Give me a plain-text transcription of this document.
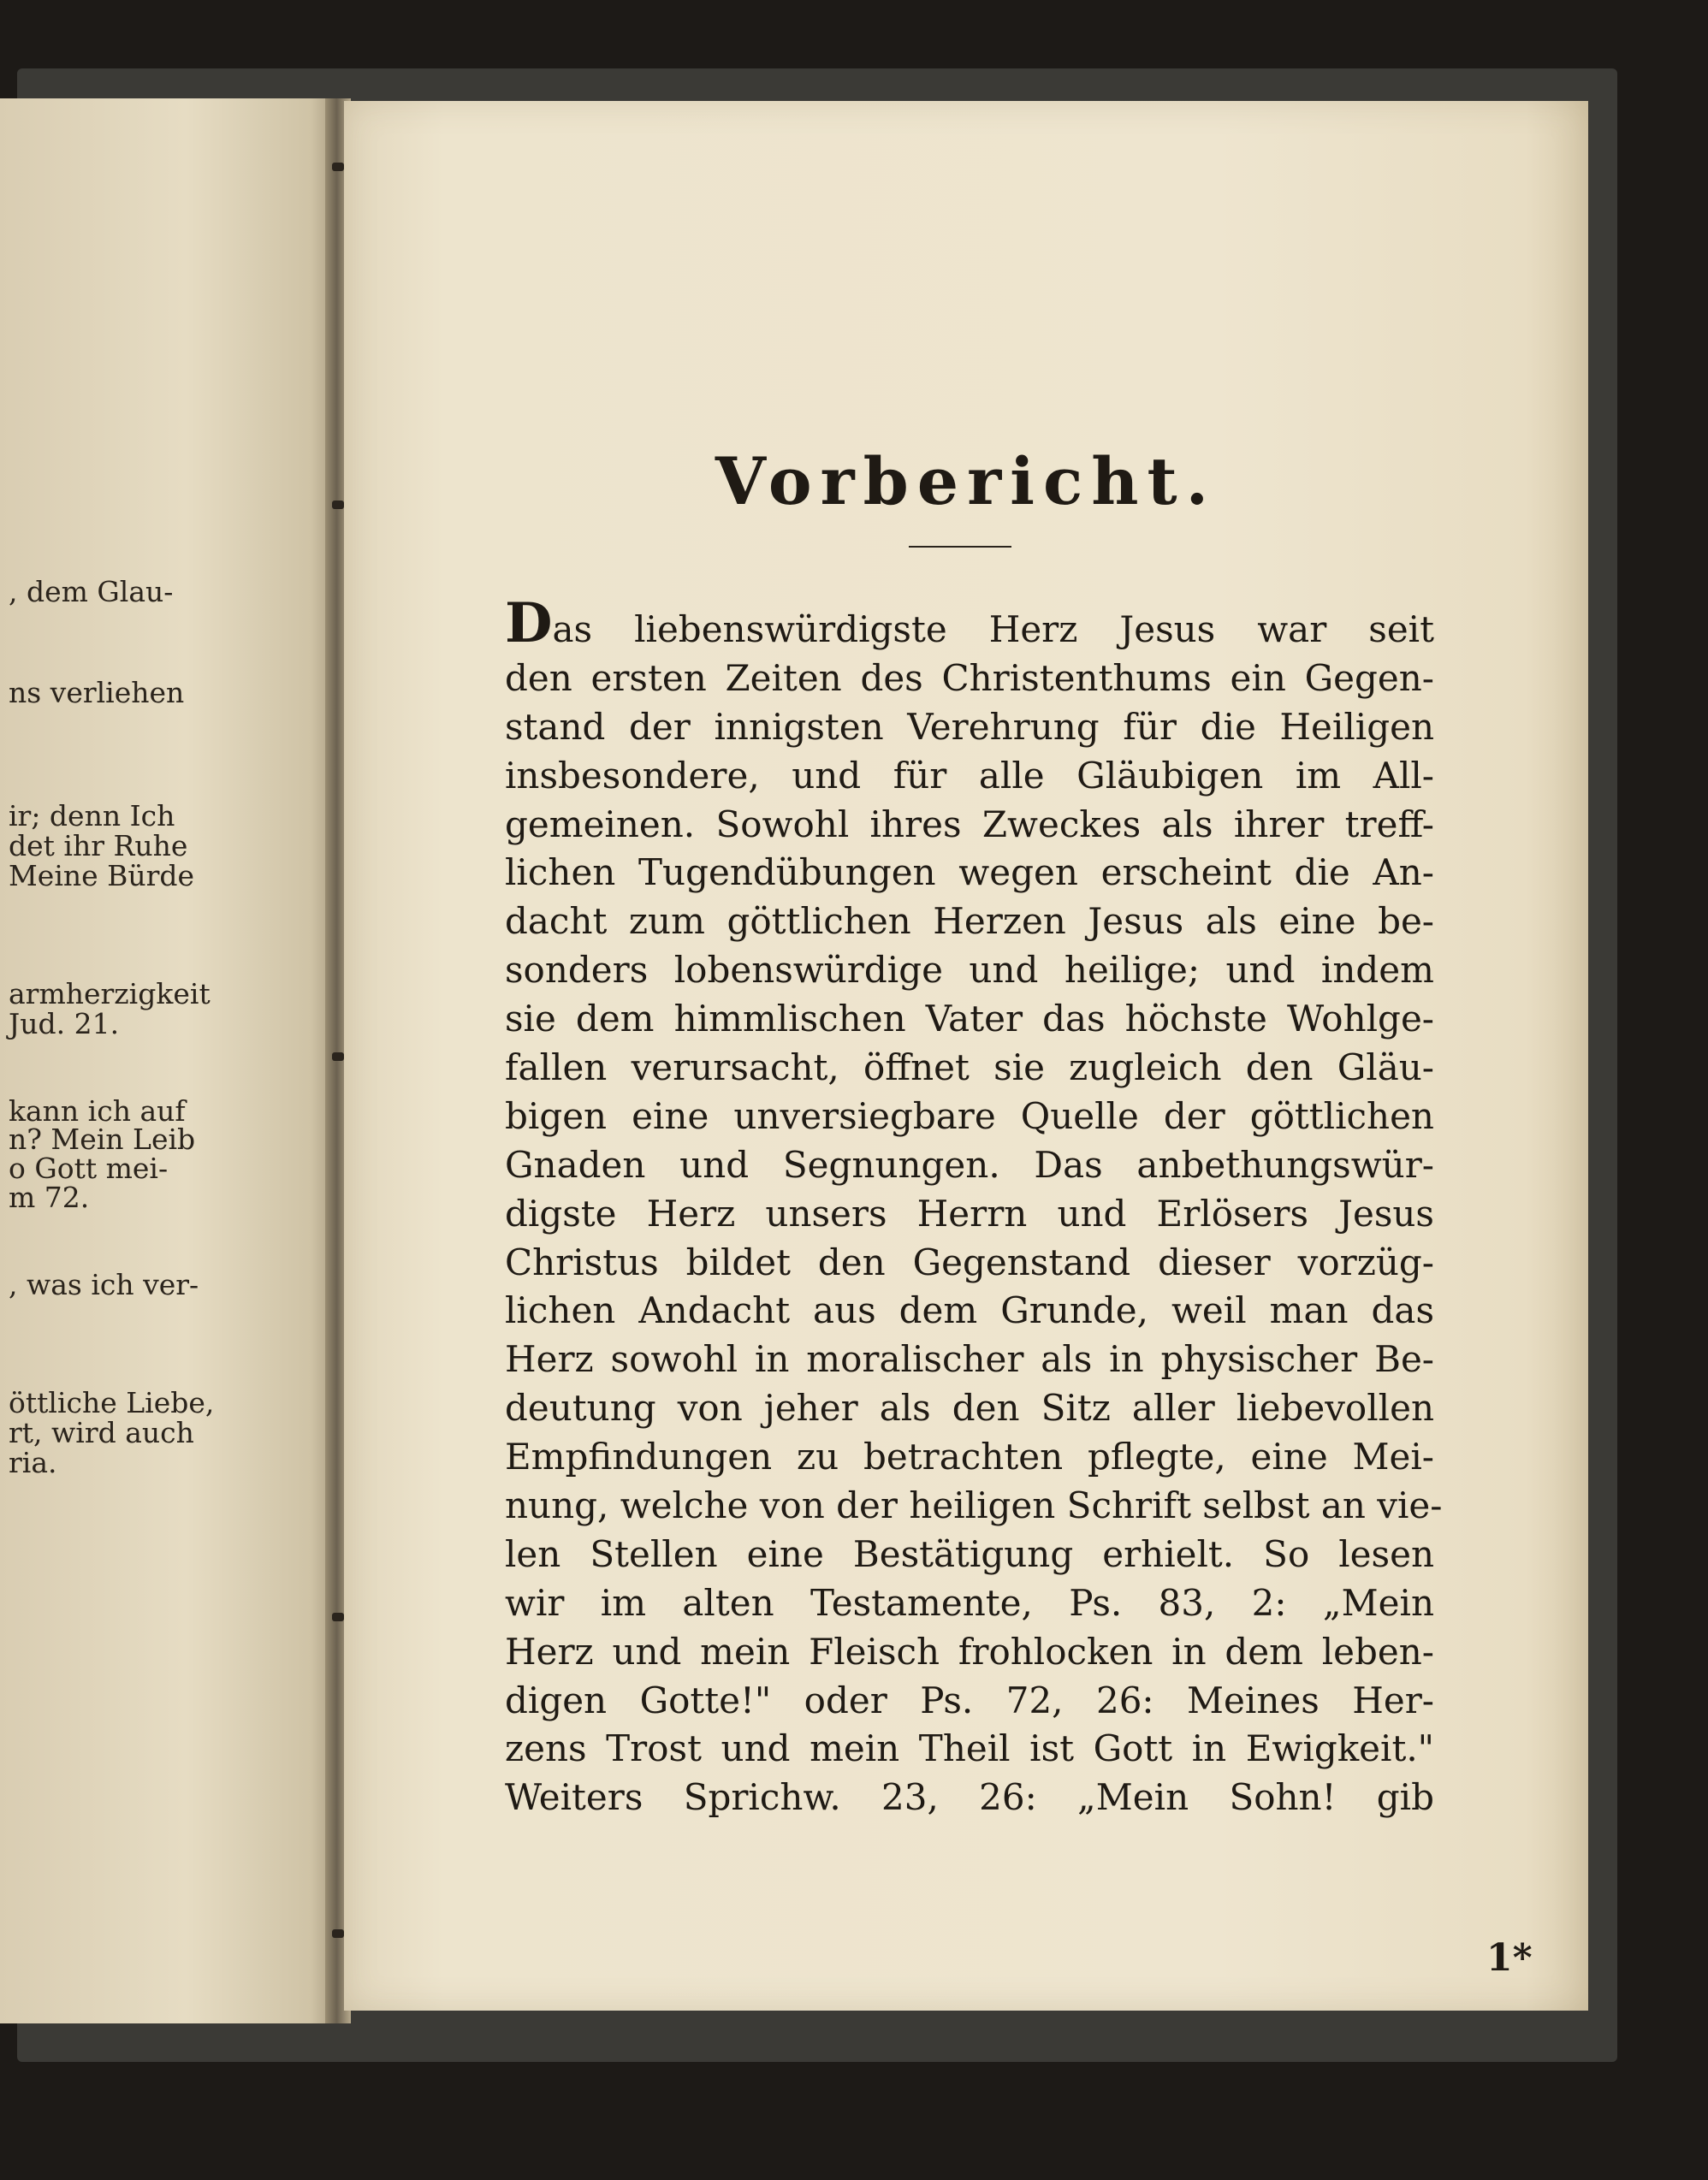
, dem Glau-

ns verliehen

ir; denn Ich

det ihr Ruhe

Meine Bürde

armherzigkeit

Jud. 21.

kann ich auf

n? Mein Leib

o Gott mei-

m 72.

, was ich ver-

öttliche Liebe,

rt, wird auch

ria.

Vorbericht.

Das liebenswürdigste Herz Jesus war seit

den ersten Zeiten des Christenthums ein Gegen-

stand der innigsten Verehrung für die Heiligen

insbesondere, und für alle Gläubigen im All-

gemeinen. Sowohl ihres Zweckes als ihrer treff-

lichen Tugendübungen wegen erscheint die An-

dacht zum göttlichen Herzen Jesus als eine be-

sonders lobenswürdige und heilige; und indem

sie dem himmlischen Vater das höchste Wohlge-

fallen verursacht, öffnet sie zugleich den Gläu-

bigen eine unversiegbare Quelle der göttlichen

Gnaden und Segnungen. Das anbethungswür-

digste Herz unsers Herrn und Erlösers Jesus

Christus bildet den Gegenstand dieser vorzüg-

lichen Andacht aus dem Grunde, weil man das

Herz sowohl in moralischer als in physischer Be-

deutung von jeher als den Sitz aller liebevollen

Empfindungen zu betrachten pflegte, eine Mei-

nung, welche von der heiligen Schrift selbst an vie-

len Stellen eine Bestätigung erhielt. So lesen

wir im alten Testamente, Ps. 83, 2: „Mein

Herz und mein Fleisch frohlocken in dem leben-

digen Gotte!" oder Ps. 72, 26: Meines Her-

zens Trost und mein Theil ist Gott in Ewigkeit."

Weiters Sprichw. 23, 26: „Mein Sohn! gib

1*
